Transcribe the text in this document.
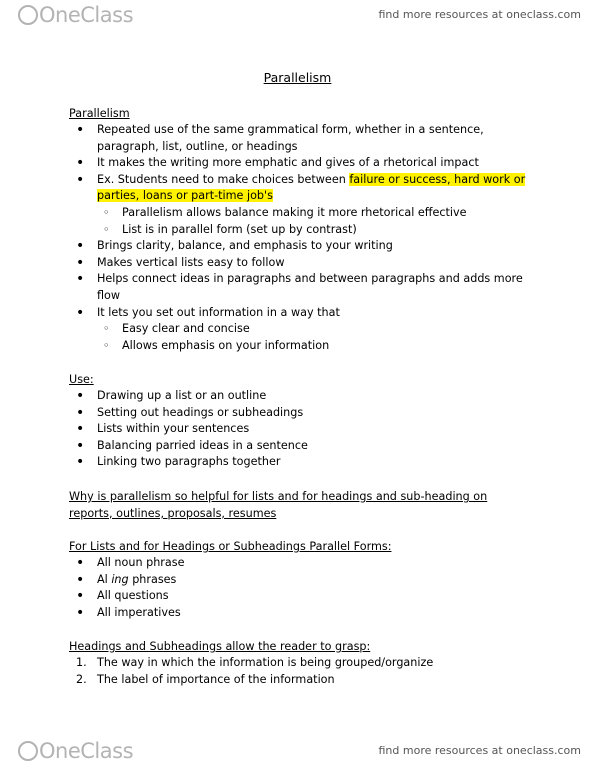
OneClass	find more resources at oneclass.com
Parallelism
Parallelism
• Repeated use of the same grammatical form, whether in a sentence, paragraph, list, outline, or headings
• It makes the writing more emphatic and gives of a rhetorical impact
• Ex. Students need to make choices between failure or success, hard work or parties, loans or part-time job's
◦ Parallelism allows balance making it more rhetorical effective
◦ List is in parallel form (set up by contrast)
• Brings clarity, balance, and emphasis to your writing
• Makes vertical lists easy to follow
• Helps connect ideas in paragraphs and between paragraphs and adds more flow
• It lets you set out information in a way that
◦ Easy clear and concise
◦ Allows emphasis on your information
Use:
• Drawing up a list or an outline
• Setting out headings or subheadings
• Lists within your sentences
• Balancing parried ideas in a sentence
• Linking two paragraphs together
Why is parallelism so helpful for lists and for headings and sub-heading on reports, outlines, proposals, resumes
For Lists and for Headings or Subheadings Parallel Forms:
• All noun phrase
• Al ing phrases
• All questions
• All imperatives
Headings and Subheadings allow the reader to grasp:
1. The way in which the information is being grouped/organize
2. The label of importance of the information
OneClass	find more resources at oneclass.com
